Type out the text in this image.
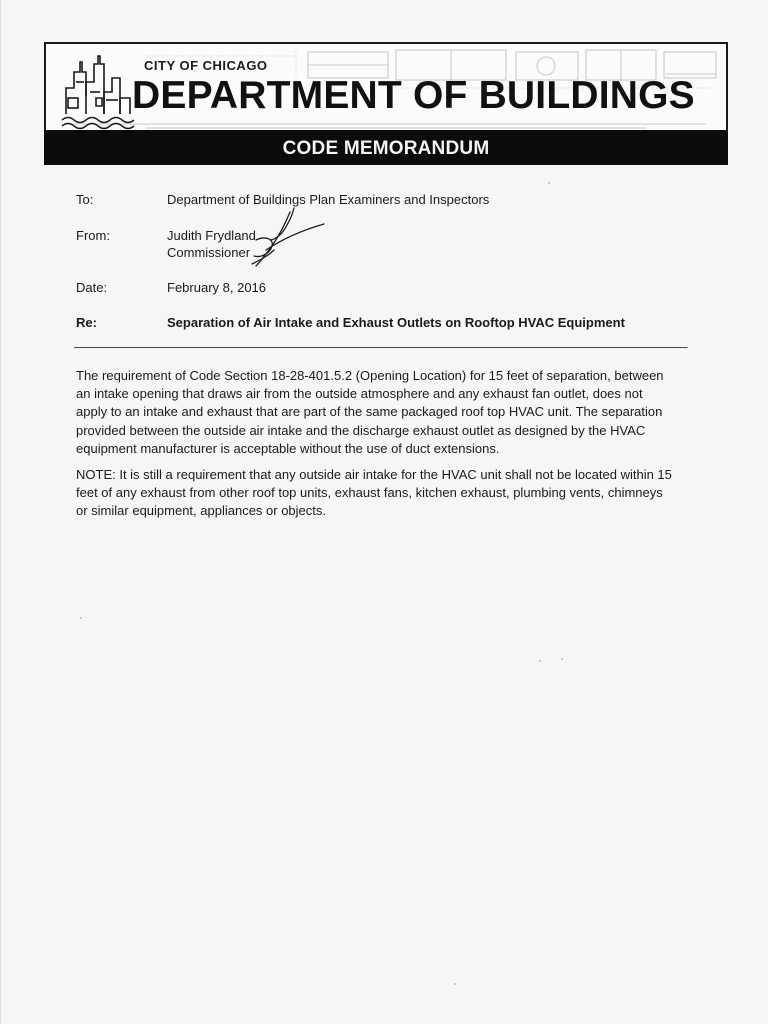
CITY OF CHICAGO

DEPARTMENT OF BUILDINGS
CODE MEMORANDUM
To:	Department of Buildings Plan Examiners and Inspectors
From:	Judith Frydland
Commissioner
Date:	February 8, 2016
Re:	Separation of Air Intake and Exhaust Outlets on Rooftop HVAC Equipment

The requirement of Code Section 18-28-401.5.2 (Opening Location) for 15 feet of separation, between an intake opening that draws air from the outside atmosphere and any exhaust fan outlet, does not apply to an intake and exhaust that are part of the same packaged roof top HVAC unit. The separation provided between the outside air intake and the discharge exhaust outlet as designed by the HVAC equipment manufacturer is acceptable without the use of duct extensions.

NOTE: It is still a requirement that any outside air intake for the HVAC unit shall not be located within 15 feet of any exhaust from other roof top units, exhaust fans, kitchen exhaust, plumbing vents, chimneys or similar equipment, appliances or objects.
